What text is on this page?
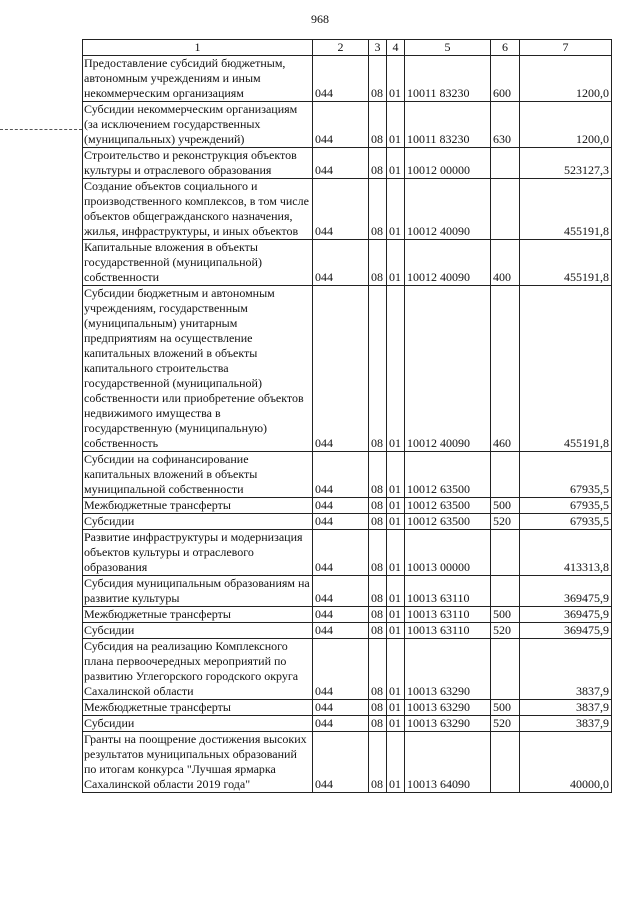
968
1	2	3	4	5	6	7
Предоставление субсидий бюджетным, автономным учреждениям и иным некоммерческим организациям	044	08	01	10011 83230	600	1200,0
Субсидии некоммерческим организациям (за исключением государственных (муниципальных) учреждений)	044	08	01	10011 83230	630	1200,0
Строительство и реконструкция объектов культуры и отраслевого образования	044	08	01	10012 00000		523127,3
Создание объектов социального и производственного комплексов, в том числе объектов общегражданского назначения, жилья, инфраструктуры, и иных объектов	044	08	01	10012 40090		455191,8
Капитальные вложения в объекты государственной (муниципальной) собственности	044	08	01	10012 40090	400	455191,8
Субсидии бюджетным и автономным учреждениям, государственным (муниципальным) унитарным предприятиям на осуществление капитальных вложений в объекты капитального строительства государственной (муниципальной) собственности или приобретение объектов недвижимого имущества в государственную (муниципальную) собственность	044	08	01	10012 40090	460	455191,8
Субсидии на софинансирование капитальных вложений в объекты муниципальной собственности	044	08	01	10012 63500		67935,5
Межбюджетные трансферты	044	08	01	10012 63500	500	67935,5
Субсидии	044	08	01	10012 63500	520	67935,5
Развитие инфраструктуры и модернизация объектов культуры и отраслевого образования	044	08	01	10013 00000		413313,8
Субсидия муниципальным образованиям на развитие культуры	044	08	01	10013 63110		369475,9
Межбюджетные трансферты	044	08	01	10013 63110	500	369475,9
Субсидии	044	08	01	10013 63110	520	369475,9
Субсидия на реализацию Комплексного плана первоочередных мероприятий по развитию Углегорского городского округа Сахалинской области	044	08	01	10013 63290		3837,9
Межбюджетные трансферты	044	08	01	10013 63290	500	3837,9
Субсидии	044	08	01	10013 63290	520	3837,9
Гранты на поощрение достижения высоких результатов муниципальных образований по итогам конкурса "Лучшая ярмарка Сахалинской области 2019 года"	044	08	01	10013 64090		40000,0
